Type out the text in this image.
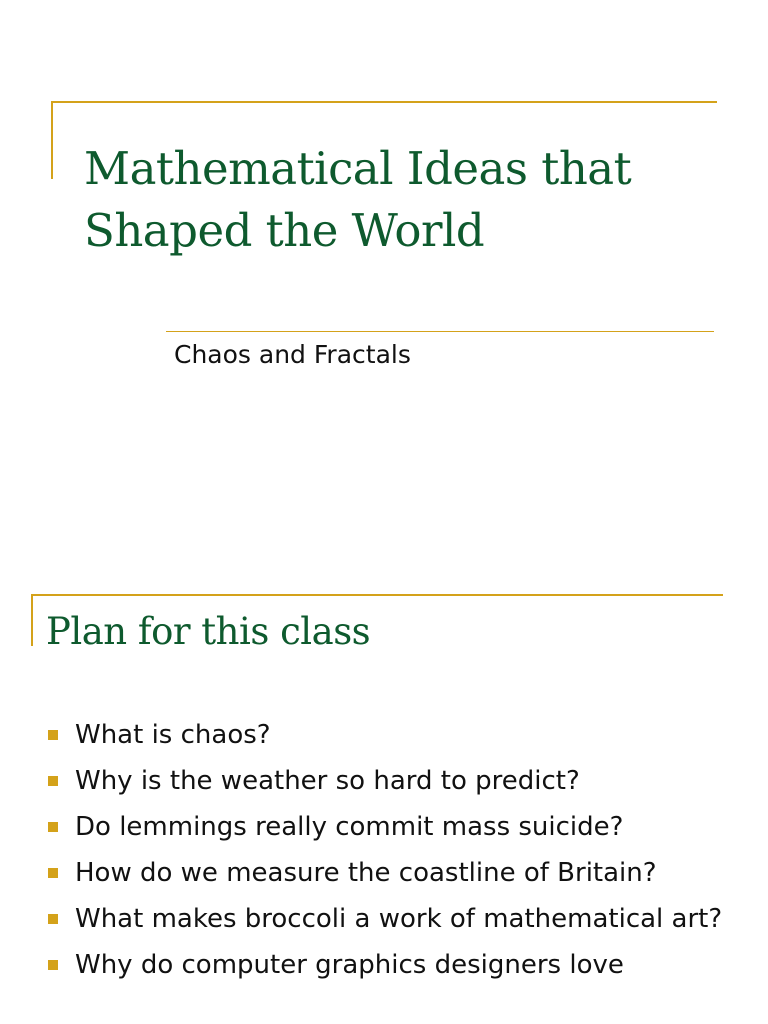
Mathematical Ideas that Shaped the World

Chaos and Fractals

Plan for this class
What is chaos?
Why is the weather so hard to predict?
Do lemmings really commit mass suicide?
How do we measure the coastline of Britain?
What makes broccoli a work of mathematical art?
Why do computer graphics designers love
